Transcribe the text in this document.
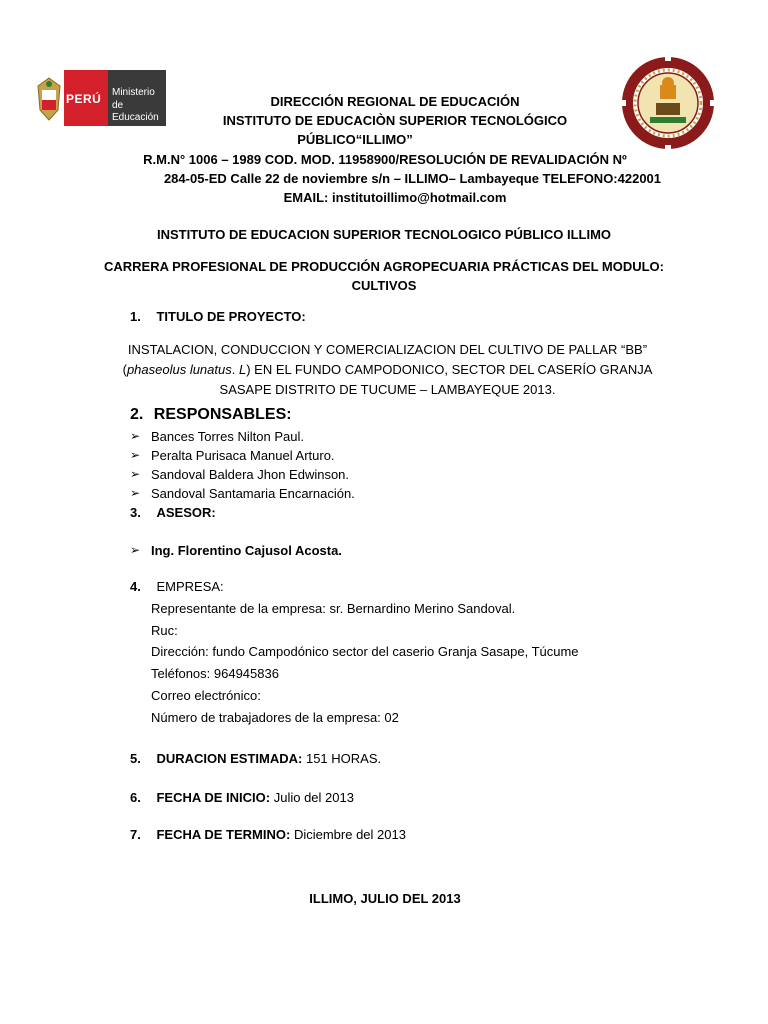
PERÚ Ministerio
de Educación
DIRECCIÓN REGIONAL DE EDUCACIÓN
INSTITUTO DE EDUCACIÒN SUPERIOR TECNOLÓGICO
PÚBLICO“ILLIMO”
R.M.N° 1006 – 1989 COD. MOD. 11958900/RESOLUCIÓN DE REVALIDACIÓN Nº
284-05-ED Calle 22 de noviembre s/n – ILLIMO– Lambayeque TELEFONO:422001
EMAIL: institutoillimo@hotmail.com
INSTITUTO DE EDUCACION SUPERIOR TECNOLOGICO PÚBLICO ILLIMO
CARRERA PROFESIONAL DE PRODUCCIÓN AGROPECUARIA PRÁCTICAS DEL MODULO:
CULTIVOS
1. TITULO DE PROYECTO:
INSTALACION, CONDUCCION Y COMERCIALIZACION DEL CULTIVO DE PALLAR “BB”
(phaseolus lunatus. L) EN EL FUNDO CAMPODONICO, SECTOR DEL CASERÍO GRANJA
SASAPE DISTRITO DE TUCUME – LAMBAYEQUE 2013.
2. RESPONSABLES:
➢ Bances Torres Nilton Paul.
➢ Peralta Purisaca Manuel Arturo.
➢ Sandoval Baldera Jhon Edwinson.
➢ Sandoval Santamaria Encarnación.
3. ASESOR:
➢ Ing. Florentino Cajusol Acosta.
4. EMPRESA:
Representante de la empresa: sr. Bernardino Merino Sandoval.
Ruc:
Dirección: fundo Campodónico sector del caserio Granja Sasape, Túcume
Teléfonos: 964945836
Correo electrónico:
Número de trabajadores de la empresa: 02
5. DURACION ESTIMADA: 151 HORAS.
6. FECHA DE INICIO: Julio del 2013
7. FECHA DE TERMINO: Diciembre del 2013
ILLIMO, JULIO DEL 2013
